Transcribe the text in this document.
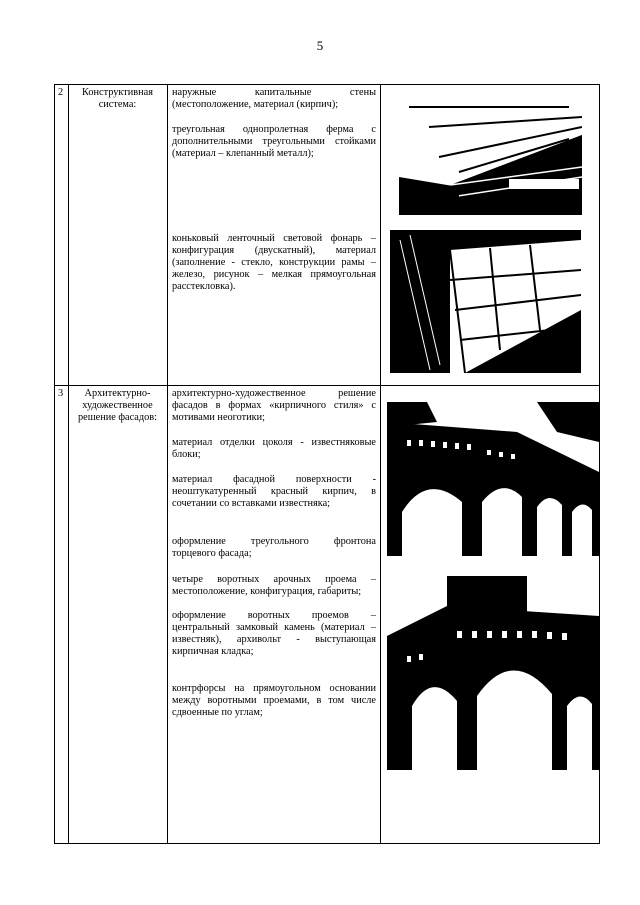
5
2	Конструктивная система:
наружные капитальные стены (местоположение, материал (кирпич);
треугольная однопролетная ферма с дополнительными треугольными стойками (материал – клепанный металл);
коньковый ленточный световой фонарь – конфигурация (двускатный), материал (заполнение - стекло, конструкции рамы – железо, рисунок – мелкая прямоугольная расстекловка).
3	Архитектурно-художественное решение фасадов:
архитектурно-художественное решение фасадов в формах «кирпичного стиля» с мотивами неоготики;
материал отделки цоколя - известняковые блоки;
материал фасадной поверхности - неоштукатуренный красный кирпич, в сочетании со вставками известняка;
оформление треугольного фронтона торцевого фасада;
четыре воротных арочных проема – местоположение, конфигурация, габариты;
оформление воротных проемов – центральный замковый камень (материал – известняк), архивольт - выступающая кирпичная кладка;
контрфорсы на прямоугольном основании между воротными проемами, в том числе сдвоенные по углам;
